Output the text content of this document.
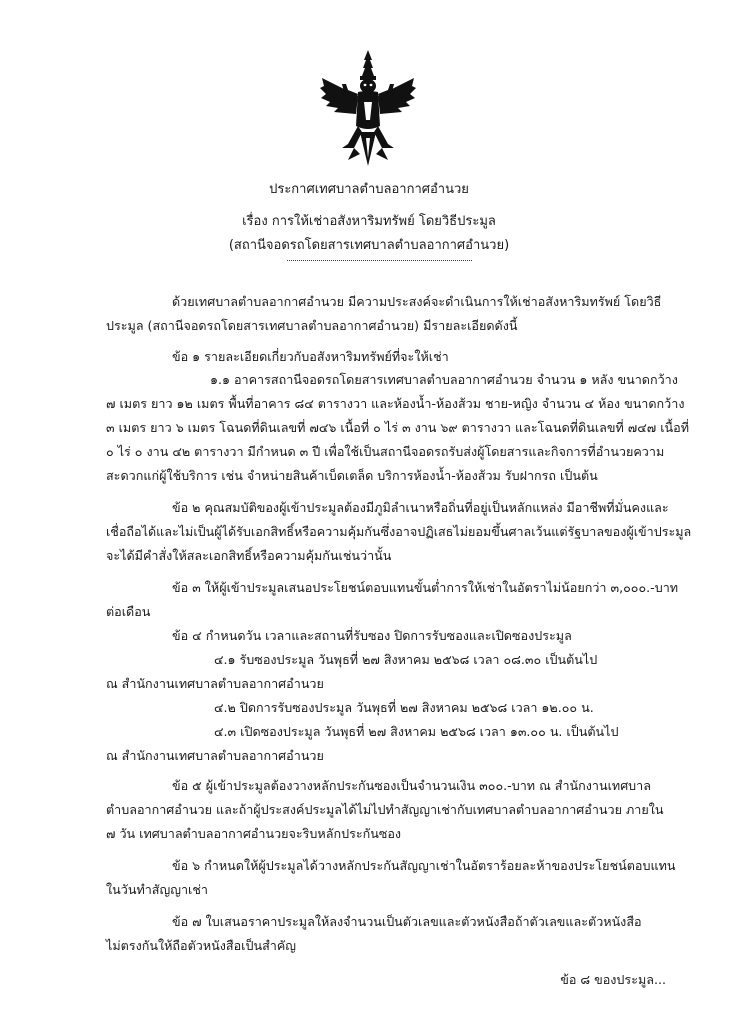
ประกาศเทศบาลตำบลอากาศอำนวย
เรื่อง การให้เช่าอสังหาริมทรัพย์ โดยวิธีประมูล
(สถานีจอดรถโดยสารเทศบาลตำบลอากาศอำนวย)
ด้วยเทศบาลตำบลอากาศอำนวย มีความประสงค์จะดำเนินการให้เช่าอสังหาริมทรัพย์ โดยวิธี
ประมูล (สถานีจอดรถโดยสารเทศบาลตำบลอากาศอำนวย) มีรายละเอียดดังนี้
ข้อ ๑ รายละเอียดเกี่ยวกับอสังหาริมทรัพย์ที่จะให้เช่า
๑.๑ อาคารสถานีจอดรถโดยสารเทศบาลตำบลอากาศอำนวย จำนวน ๑ หลัง ขนาดกว้าง
๗ เมตร ยาว ๑๒ เมตร พื้นที่อาคาร ๘๔ ตารางวา และห้องน้ำ-ห้องส้วม ชาย-หญิง จำนวน ๔ ห้อง ขนาดกว้าง
๓ เมตร ยาว ๖ เมตร โฉนดที่ดินเลขที่ ๗๔๖ เนื้อที่ ๐ ไร่ ๓ งาน ๖๙ ตารางวา และโฉนดที่ดินเลขที่ ๗๔๗ เนื้อที่
๐ ไร่ ๐ งาน ๔๒ ตารางวา มีกำหนด ๓ ปี เพื่อใช้เป็นสถานีจอดรถรับส่งผู้โดยสารและกิจการที่อำนวยความ
สะดวกแก่ผู้ใช้บริการ เช่น จำหน่ายสินค้าเบ็ดเตล็ด บริการห้องน้ำ-ห้องส้วม รับฝากรถ เป็นต้น
ข้อ ๒ คุณสมบัติของผู้เข้าประมูลต้องมีภูมิลำเนาหรือถิ่นที่อยู่เป็นหลักแหล่ง มีอาชีพที่มั่นคงและ
เชื่อถือได้และไม่เป็นผู้ได้รับเอกสิทธิ์หรือความคุ้มกันซึ่งอาจปฏิเสธไม่ยอมขึ้นศาลเว้นแต่รัฐบาลของผู้เข้าประมูล
จะได้มีคำสั่งให้สละเอกสิทธิ์หรือความคุ้มกันเช่นว่านั้น
ข้อ ๓ ให้ผู้เข้าประมูลเสนอประโยชน์ตอบแทนขั้นต่ำการให้เช่าในอัตราไม่น้อยกว่า ๓,๐๐๐.-บาท
ต่อเดือน
ข้อ ๔ กำหนดวัน เวลาและสถานที่รับซอง ปิดการรับซองและเปิดซองประมูล
๔.๑ รับซองประมูล วันพุธที่ ๒๗ สิงหาคม ๒๕๖๘ เวลา ๐๘.๓๐ เป็นต้นไป
ณ สำนักงานเทศบาลตำบลอากาศอำนวย
๔.๒ ปิดการรับซองประมูล วันพุธที่ ๒๗ สิงหาคม ๒๕๖๘ เวลา ๑๒.๐๐ น.
๔.๓ เปิดซองประมูล วันพุธที่ ๒๗ สิงหาคม ๒๕๖๘ เวลา ๑๓.๐๐ น. เป็นต้นไป
ณ สำนักงานเทศบาลตำบลอากาศอำนวย
ข้อ ๕ ผู้เข้าประมูลต้องวางหลักประกันซองเป็นจำนวนเงิน ๓๐๐.-บาท ณ สำนักงานเทศบาล
ตำบลอากาศอำนวย และถ้าผู้ประสงค์ประมูลได้ไม่ไปทำสัญญาเช่ากับเทศบาลตำบลอากาศอำนวย ภายใน
๗ วัน เทศบาลตำบลอากาศอำนวยจะริบหลักประกันซอง
ข้อ ๖ กำหนดให้ผู้ประมูลได้วางหลักประกันสัญญาเช่าในอัตราร้อยละห้าของประโยชน์ตอบแทน
ในวันทำสัญญาเช่า
ข้อ ๗ ใบเสนอราคาประมูลให้ลงจำนวนเป็นตัวเลขและตัวหนังสือถ้าตัวเลขและตัวหนังสือ
ไม่ตรงกันให้ถือตัวหนังสือเป็นสำคัญ
ข้อ ๘ ของประมูล...
